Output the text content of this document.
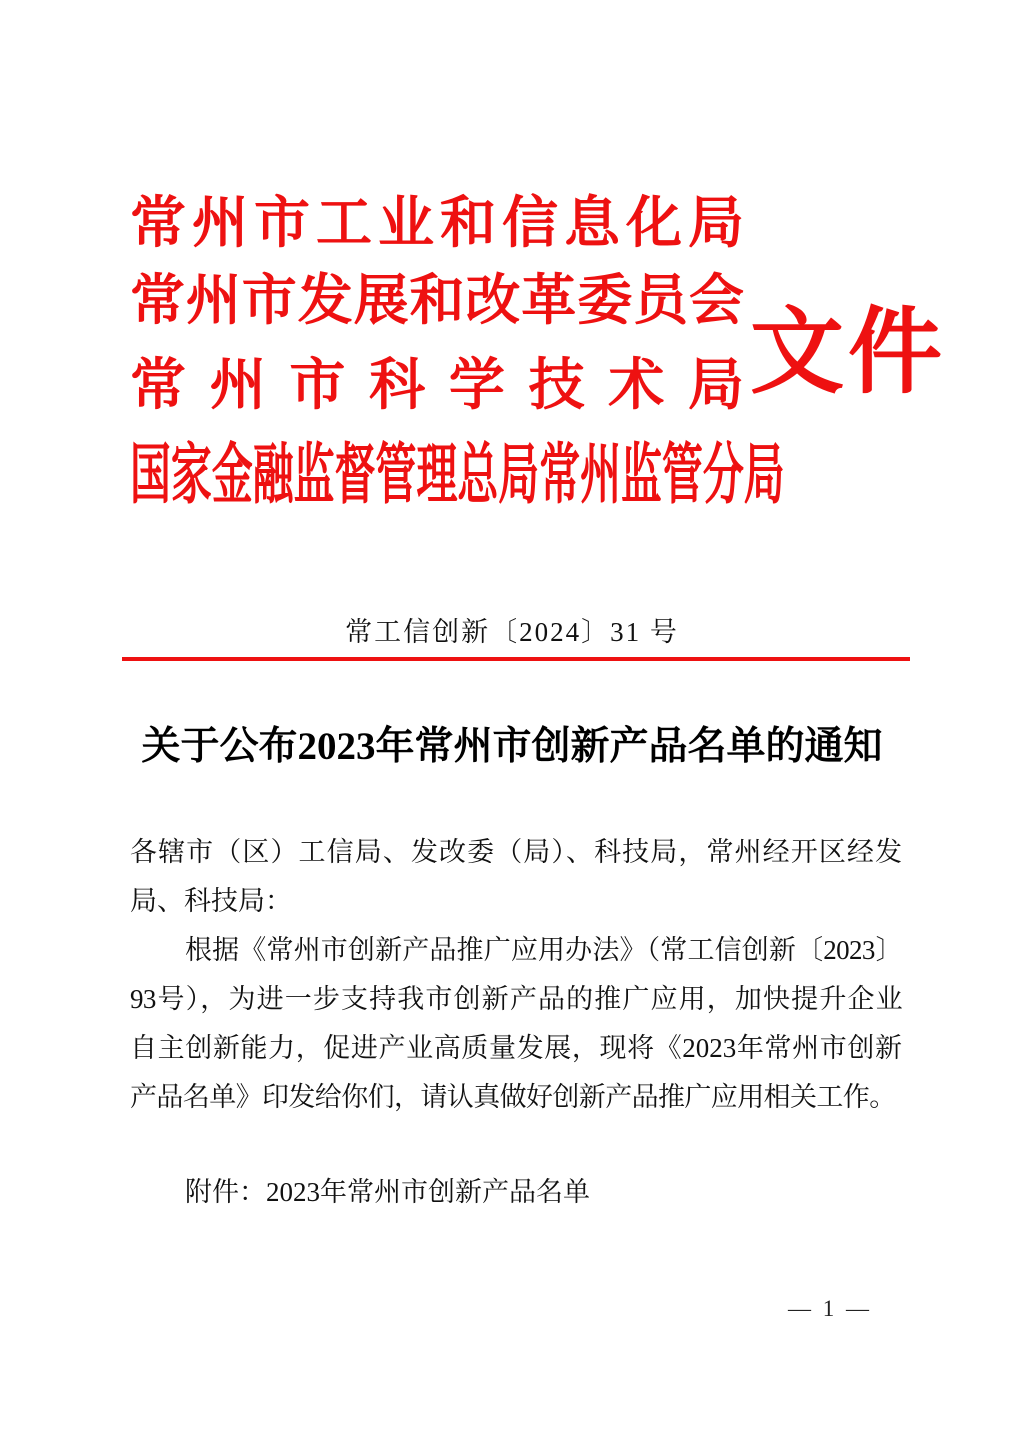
常州市工业和信息化局
常州市发展和改革委员会
常州市科学技术局
国家金融监督管理总局常州监管分局
文件
常工信创新〔2024〕31 号
关于公布2023年常州市创新产品名单的通知
各辖市（区）工信局、发改委（局）、科技局，常州经开区经发
局、科技局：
根据《常州市创新产品推广应用办法》（常工信创新〔2023〕
93号），为进一步支持我市创新产品的推广应用，加快提升企业
自主创新能力，促进产业高质量发展，现将《2023年常州市创新
产品名单》印发给你们，请认真做好创新产品推广应用相关工作。
附件：2023年常州市创新产品名单
— 1 —
